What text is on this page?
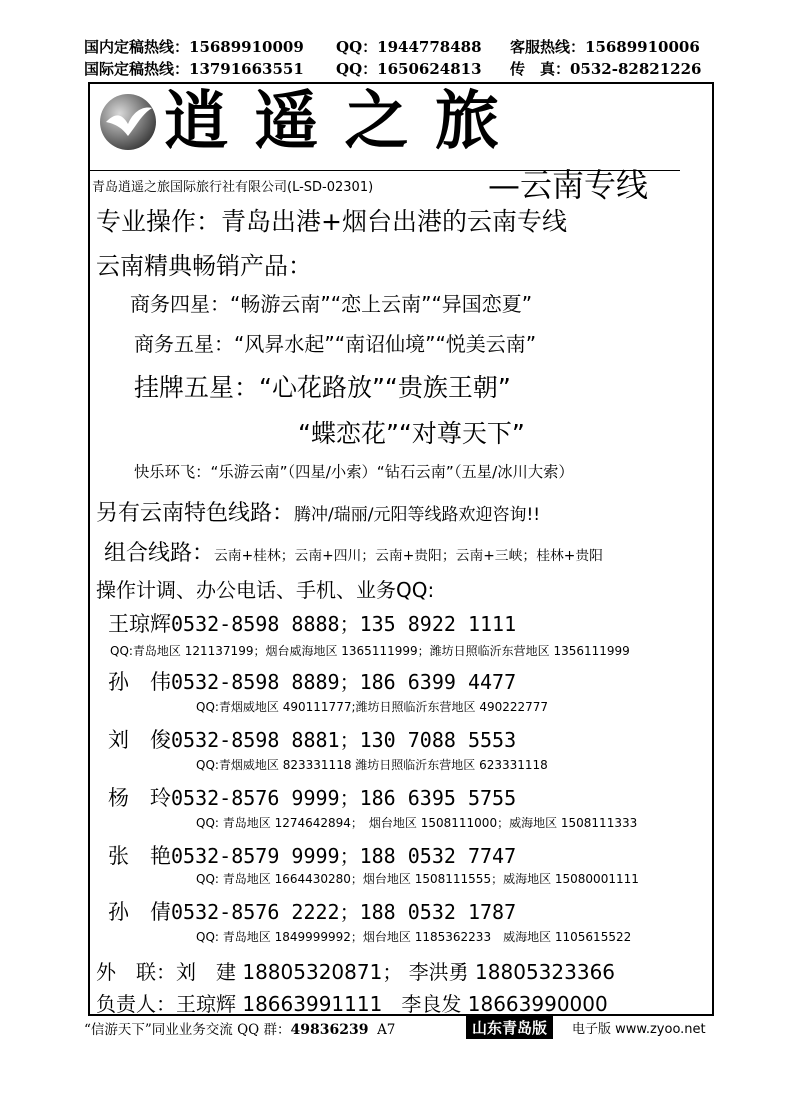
国内定稿热线：15689910009 QQ：1944778488 客服热线：15689910006
国际定稿热线：13791663551 QQ：1650624813 传　真：0532-82821226
逍 遥 之 旅
青岛逍遥之旅国际旅行社有限公司(L-SD-02301)	—云南专线
专业操作：青岛出港+烟台出港的云南专线
云南精典畅销产品：
商务四星：“畅游云南”“恋上云南”“异国恋夏”
商务五星：“风昇水起”“南诏仙境”“悦美云南”
挂牌五星：“心花路放”“贵族王朝”
“蝶恋花”“对尊天下”
快乐环飞：“乐游云南”（四星/小索）“钻石云南”（五星/冰川大索）
另有云南特色线路：腾冲/瑞丽/元阳等线路欢迎咨询!!
组合线路：云南+桂林；云南+四川；云南+贵阳；云南+三峡；桂林+贵阳
操作计调、办公电话、手机、业务QQ:
王琼辉0532-8598 8888；135 8922 1111
QQ:青岛地区 121137199；烟台威海地区 1365111999；潍坊日照临沂东营地区 1356111999
孙　伟0532-8598 8889；186 6399 4477
QQ:青烟威地区 490111777;潍坊日照临沂东营地区 490222777
刘　俊0532-8598 8881；130 7088 5553
QQ:青烟威地区 823331118 潍坊日照临沂东营地区 623331118
杨　玲0532-8576 9999；186 6395 5755
QQ: 青岛地区 1274642894；　烟台地区 1508111000；威海地区 1508111333
张　艳0532-8579 9999；188 0532 7747
QQ: 青岛地区 1664430280；烟台地区 1508111555；威海地区 15080001111
孙　倩0532-8576 2222；188 0532 1787
QQ: 青岛地区 1849999992；烟台地区 1185362233　威海地区 1105615522
外　联：刘　建 18805320871； 李洪勇 18805323366
负责人：王琼辉 18663991111 李良发 18663990000
“信游天下”同业业务交流 QQ 群：49836239 A7	山东青岛版	电子版 www.zyoo.net
